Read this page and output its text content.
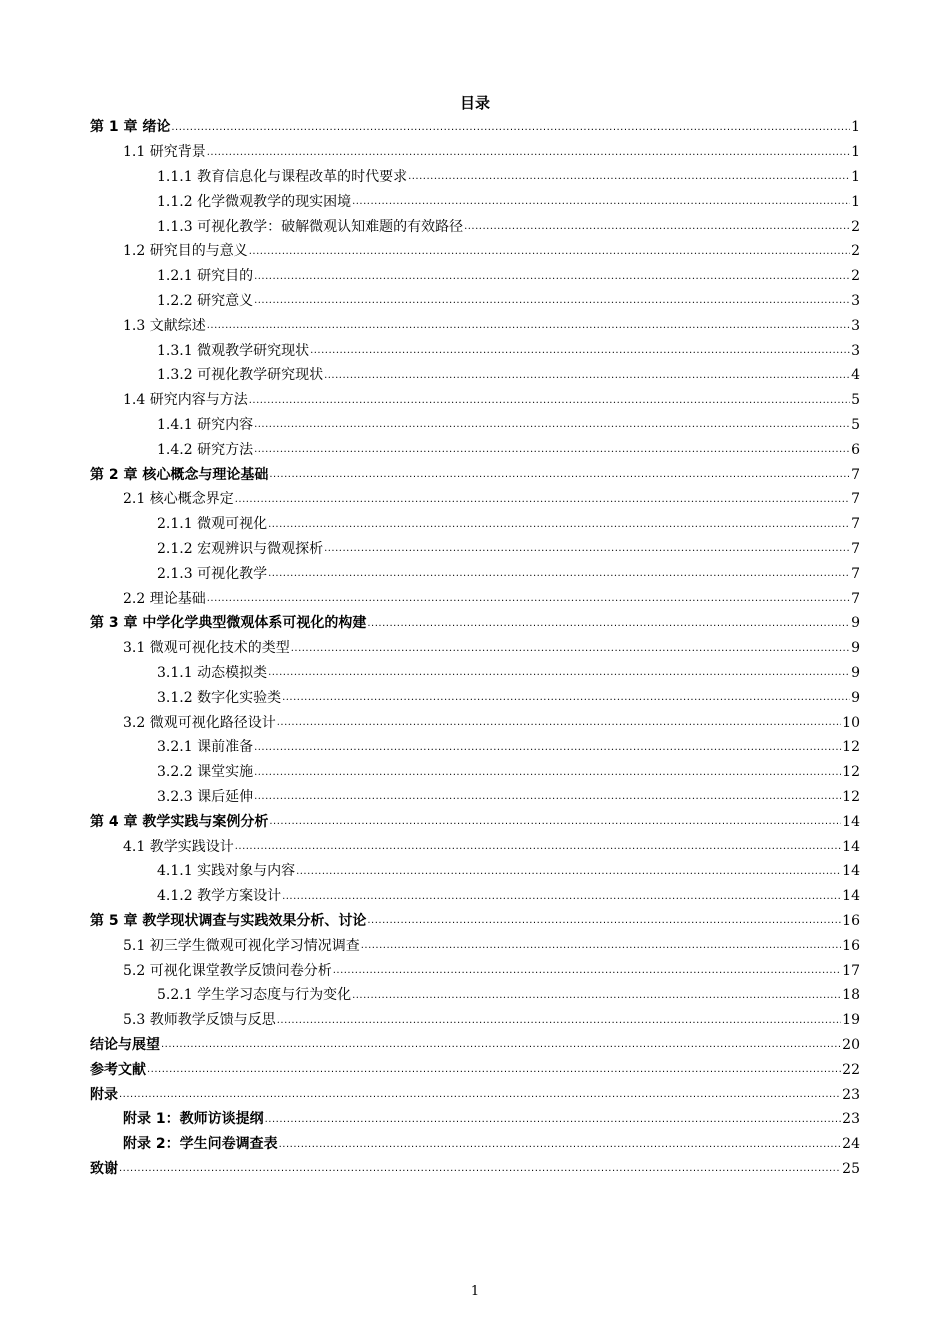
目录
第 1 章 绪论 .....	1
1.1 研究背景 .....	1
1.1.1 教育信息化与课程改革的时代要求 .....	1
1.1.2 化学微观教学的现实困境 .....	1
1.1.3 可视化教学：破解微观认知难题的有效路径 .....	2
1.2 研究目的与意义 .....	2
1.2.1 研究目的 .....	2
1.2.2 研究意义 .....	3
1.3 文献综述 .....	3
1.3.1 微观教学研究现状 .....	3
1.3.2 可视化教学研究现状 .....	4
1.4 研究内容与方法 .....	5
1.4.1 研究内容 .....	5
1.4.2 研究方法 .....	6
第 2 章 核心概念与理论基础 .....	7
2.1 核心概念界定 .....	7
2.1.1 微观可视化 .....	7
2.1.2 宏观辨识与微观探析 .....	7
2.1.3 可视化教学 .....	7
2.2 理论基础 .....	7
第 3 章 中学化学典型微观体系可视化的构建 .....	9
3.1 微观可视化技术的类型 .....	9
3.1.1 动态模拟类 .....	9
3.1.2 数字化实验类 .....	9
3.2 微观可视化路径设计 .....	10
3.2.1 课前准备 .....	12
3.2.2 课堂实施 .....	12
3.2.3 课后延伸 .....	12
第 4 章 教学实践与案例分析 .....	14
4.1 教学实践设计 .....	14
4.1.1 实践对象与内容 .....	14
4.1.2 教学方案设计 .....	14
第 5 章 教学现状调查与实践效果分析、讨论 .....	16
5.1 初三学生微观可视化学习情况调查 .....	16
5.2 可视化课堂教学反馈问卷分析 .....	17
5.2.1 学生学习态度与行为变化 .....	18
5.3 教师教学反馈与反思 .....	19
结论与展望 .....	20
参考文献 .....	22
附录 .....	23
附录 1：教师访谈提纲 .....	23
附录 2：学生问卷调查表 .....	24
致谢 .....	25
1
